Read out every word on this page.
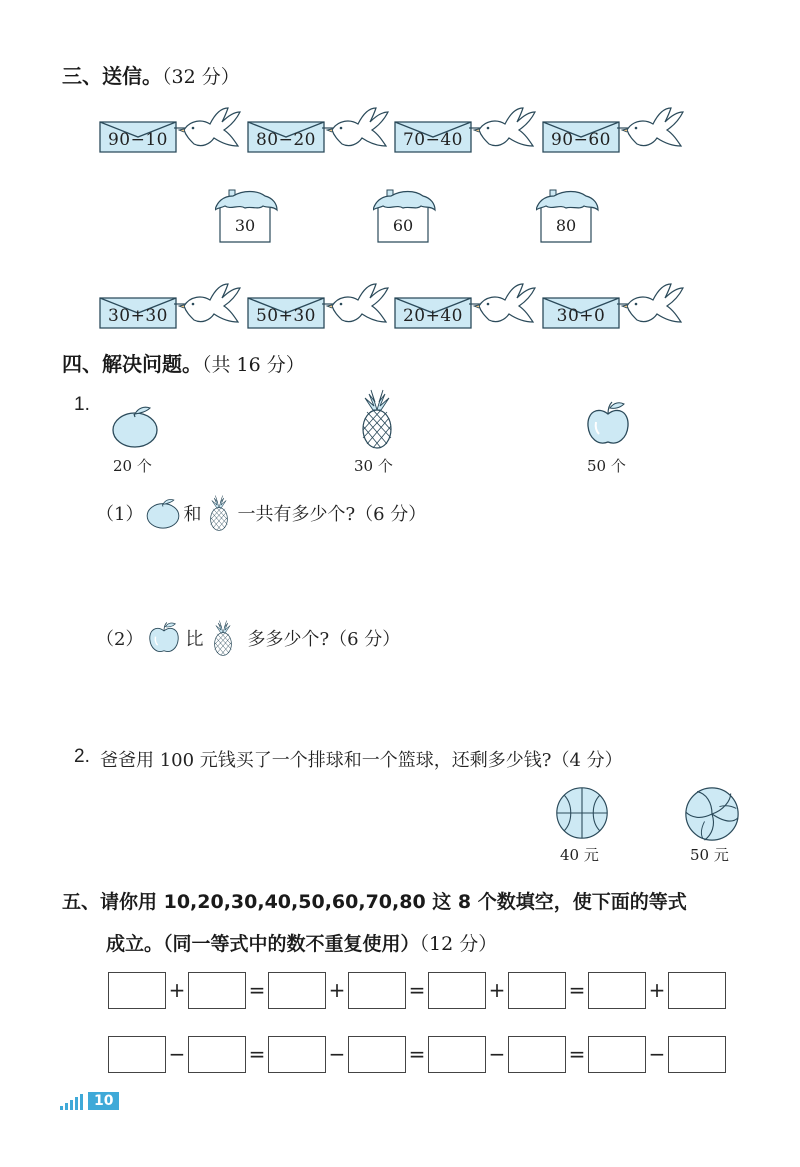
三、送信。（32 分）
90−10	80−20	70−40	90−60
30	60	80
30+30	50+30	20+40	30+0
四、解决问题。（共 16 分）
1.
20 个	30 个	50 个
（1） 和 一共有多少个?（6 分）
（2） 比 多多少个?（6 分）
2. 爸爸用 100 元钱买了一个排球和一个篮球，还剩多少钱?（4 分）
40 元	50 元
五、请你用 10,20,30,40,50,60,70,80 这 8 个数填空，使下面的等式
成立。（同一等式中的数不重复使用）（12 分）
+	=	+	=	+	=	+
−	=	−	=	−	=	−
10
